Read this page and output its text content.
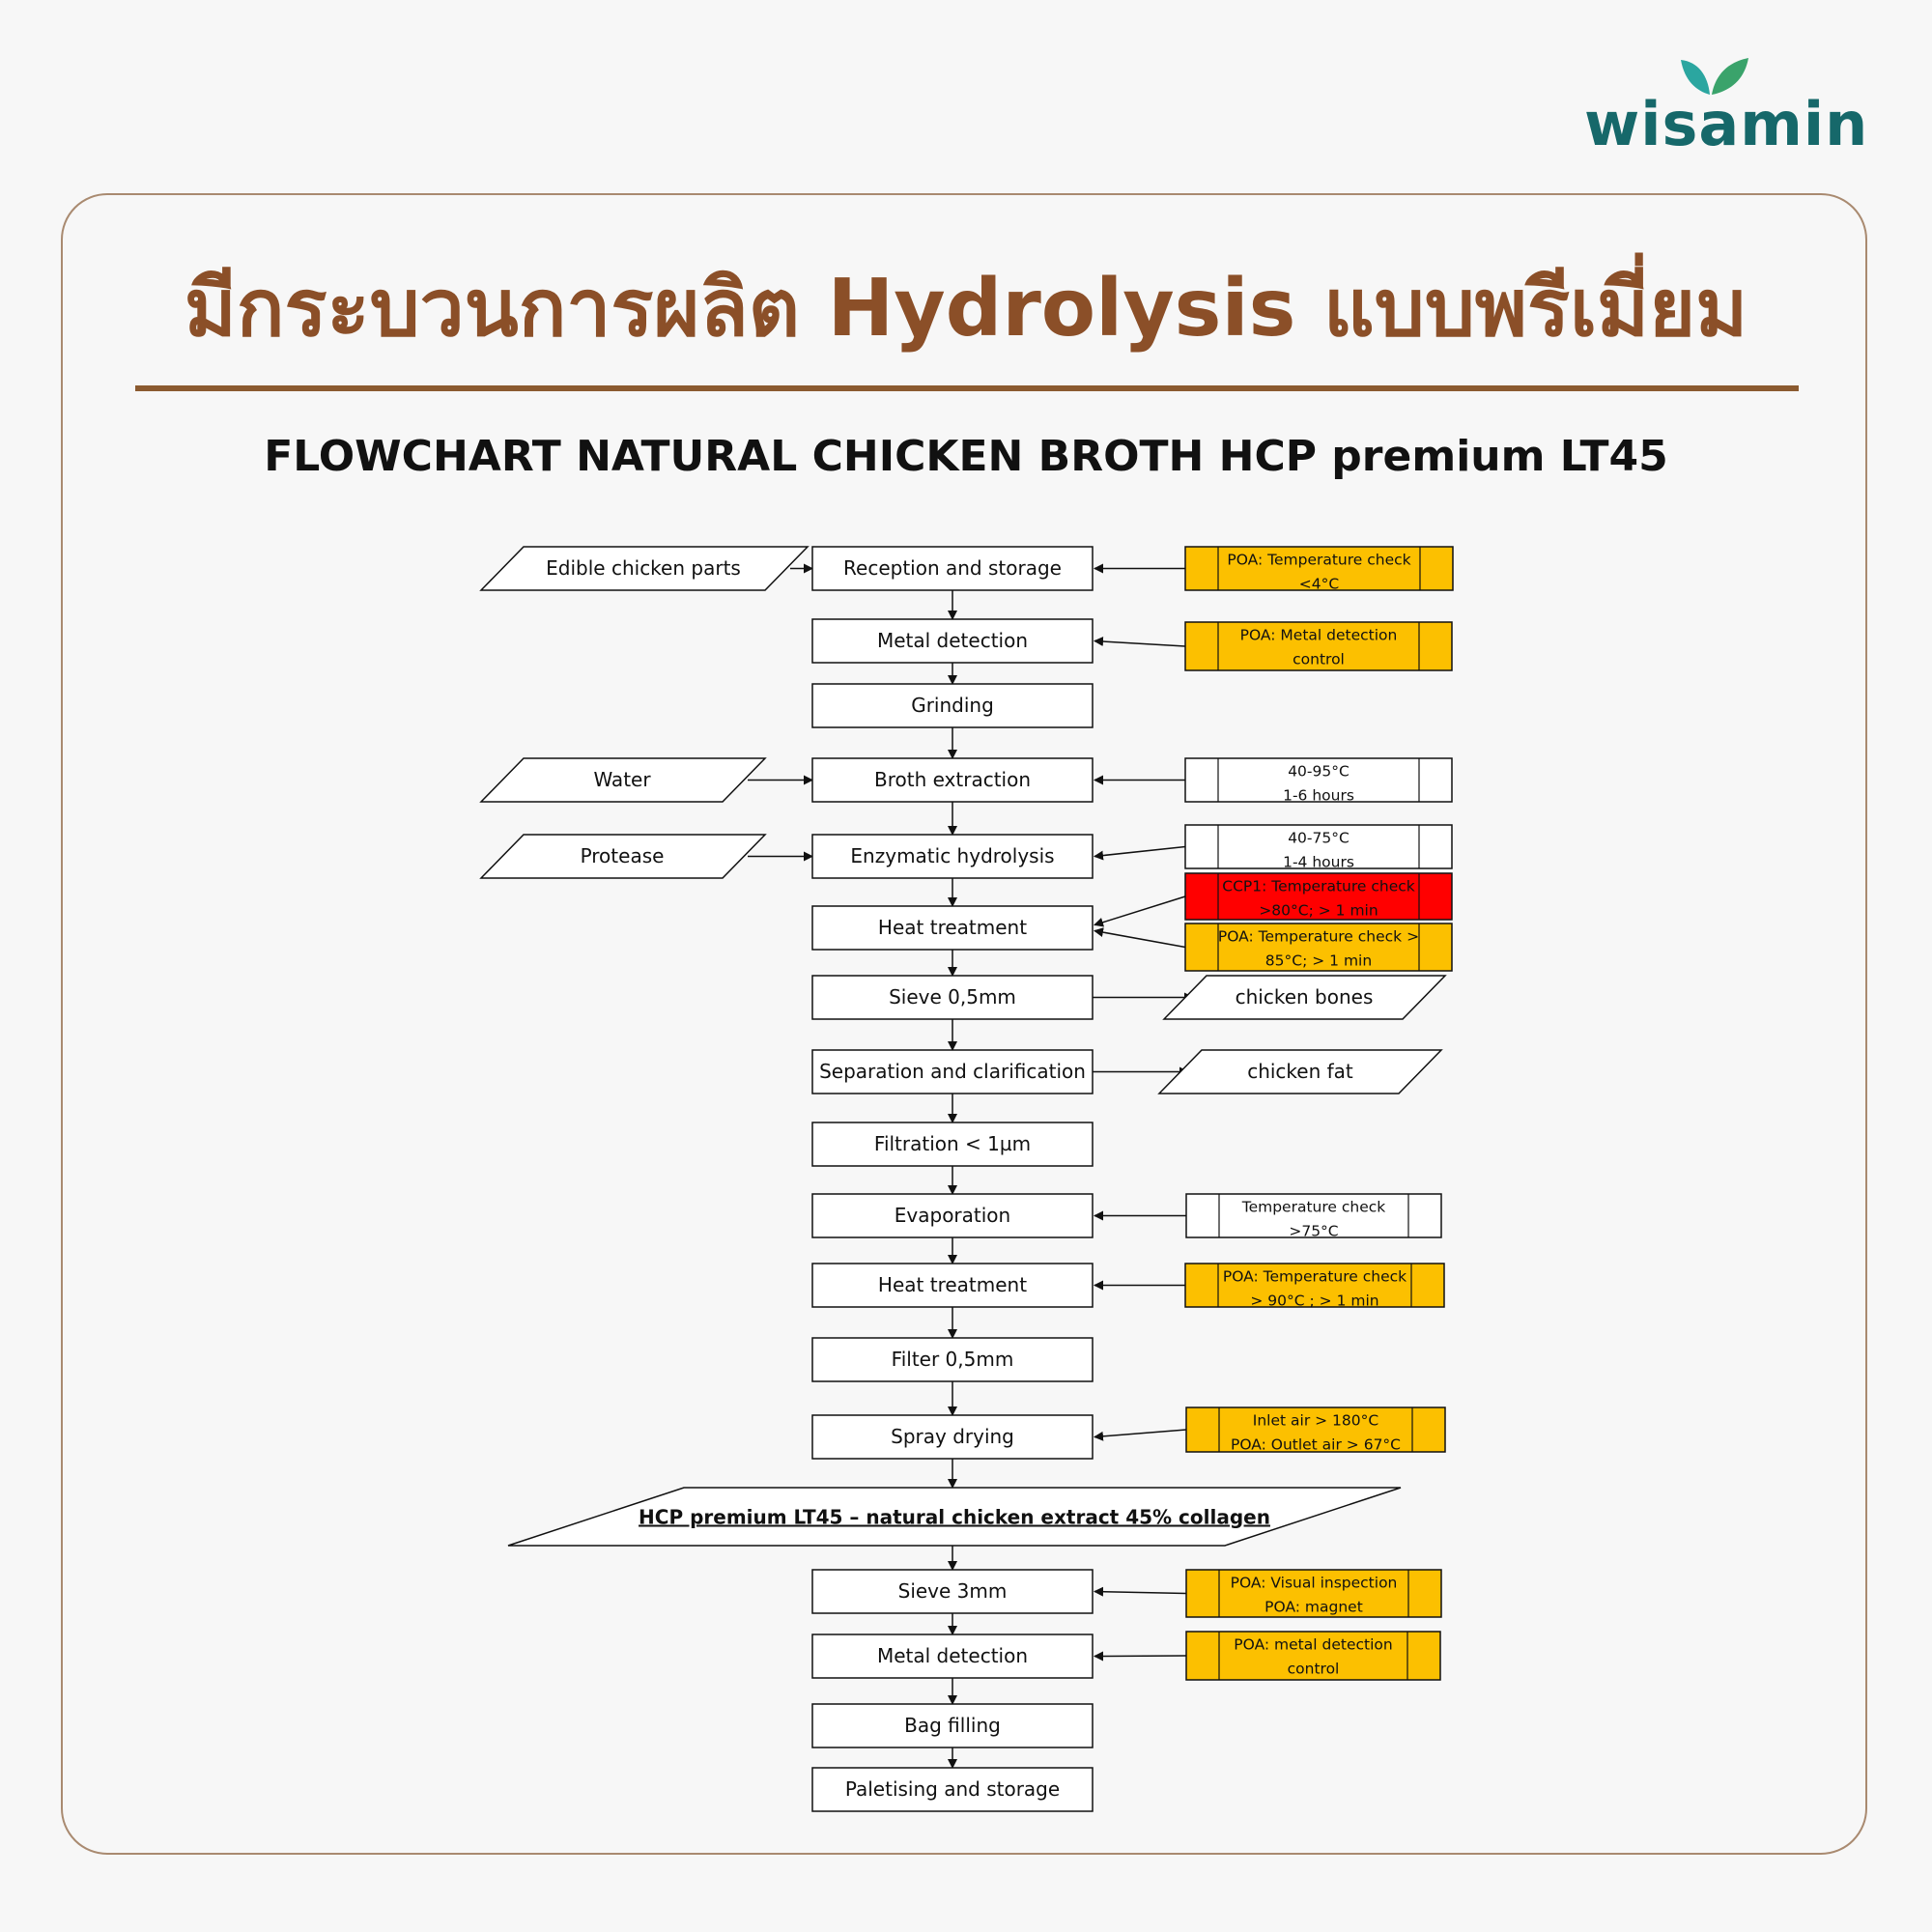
wisamin
มีกระบวนการผลิต Hydrolysis แบบพรีเมี่ยม
FLOWCHART NATURAL CHICKEN BROTH HCP premium LT45
Reception and storage
Metal detection
Grinding
Broth extraction
Enzymatic hydrolysis
Heat treatment
Sieve 0,5mm
Separation and clarification
Filtration < 1µm
Evaporation
Heat treatment
Filter 0,5mm
Spray drying
HCP premium LT45 – natural chicken extract 45% collagen
Sieve 3mm
Metal detection
Bag filling
Paletising and storage
Edible chicken parts
Water
Protease
chicken bones
chicken fat
POA: Temperature check
<4°C
POA: Metal detection
control
40-95°C
1-6 hours
40-75°C
1-4 hours
CCP1: Temperature check
>80°C; > 1 min
POA: Temperature check >
85°C; > 1 min
Temperature check
>75°C
POA: Temperature check
> 90°C ; > 1 min
Inlet air > 180°C
POA: Outlet air > 67°C
POA: Visual inspection
POA: magnet
POA: metal detection
control
